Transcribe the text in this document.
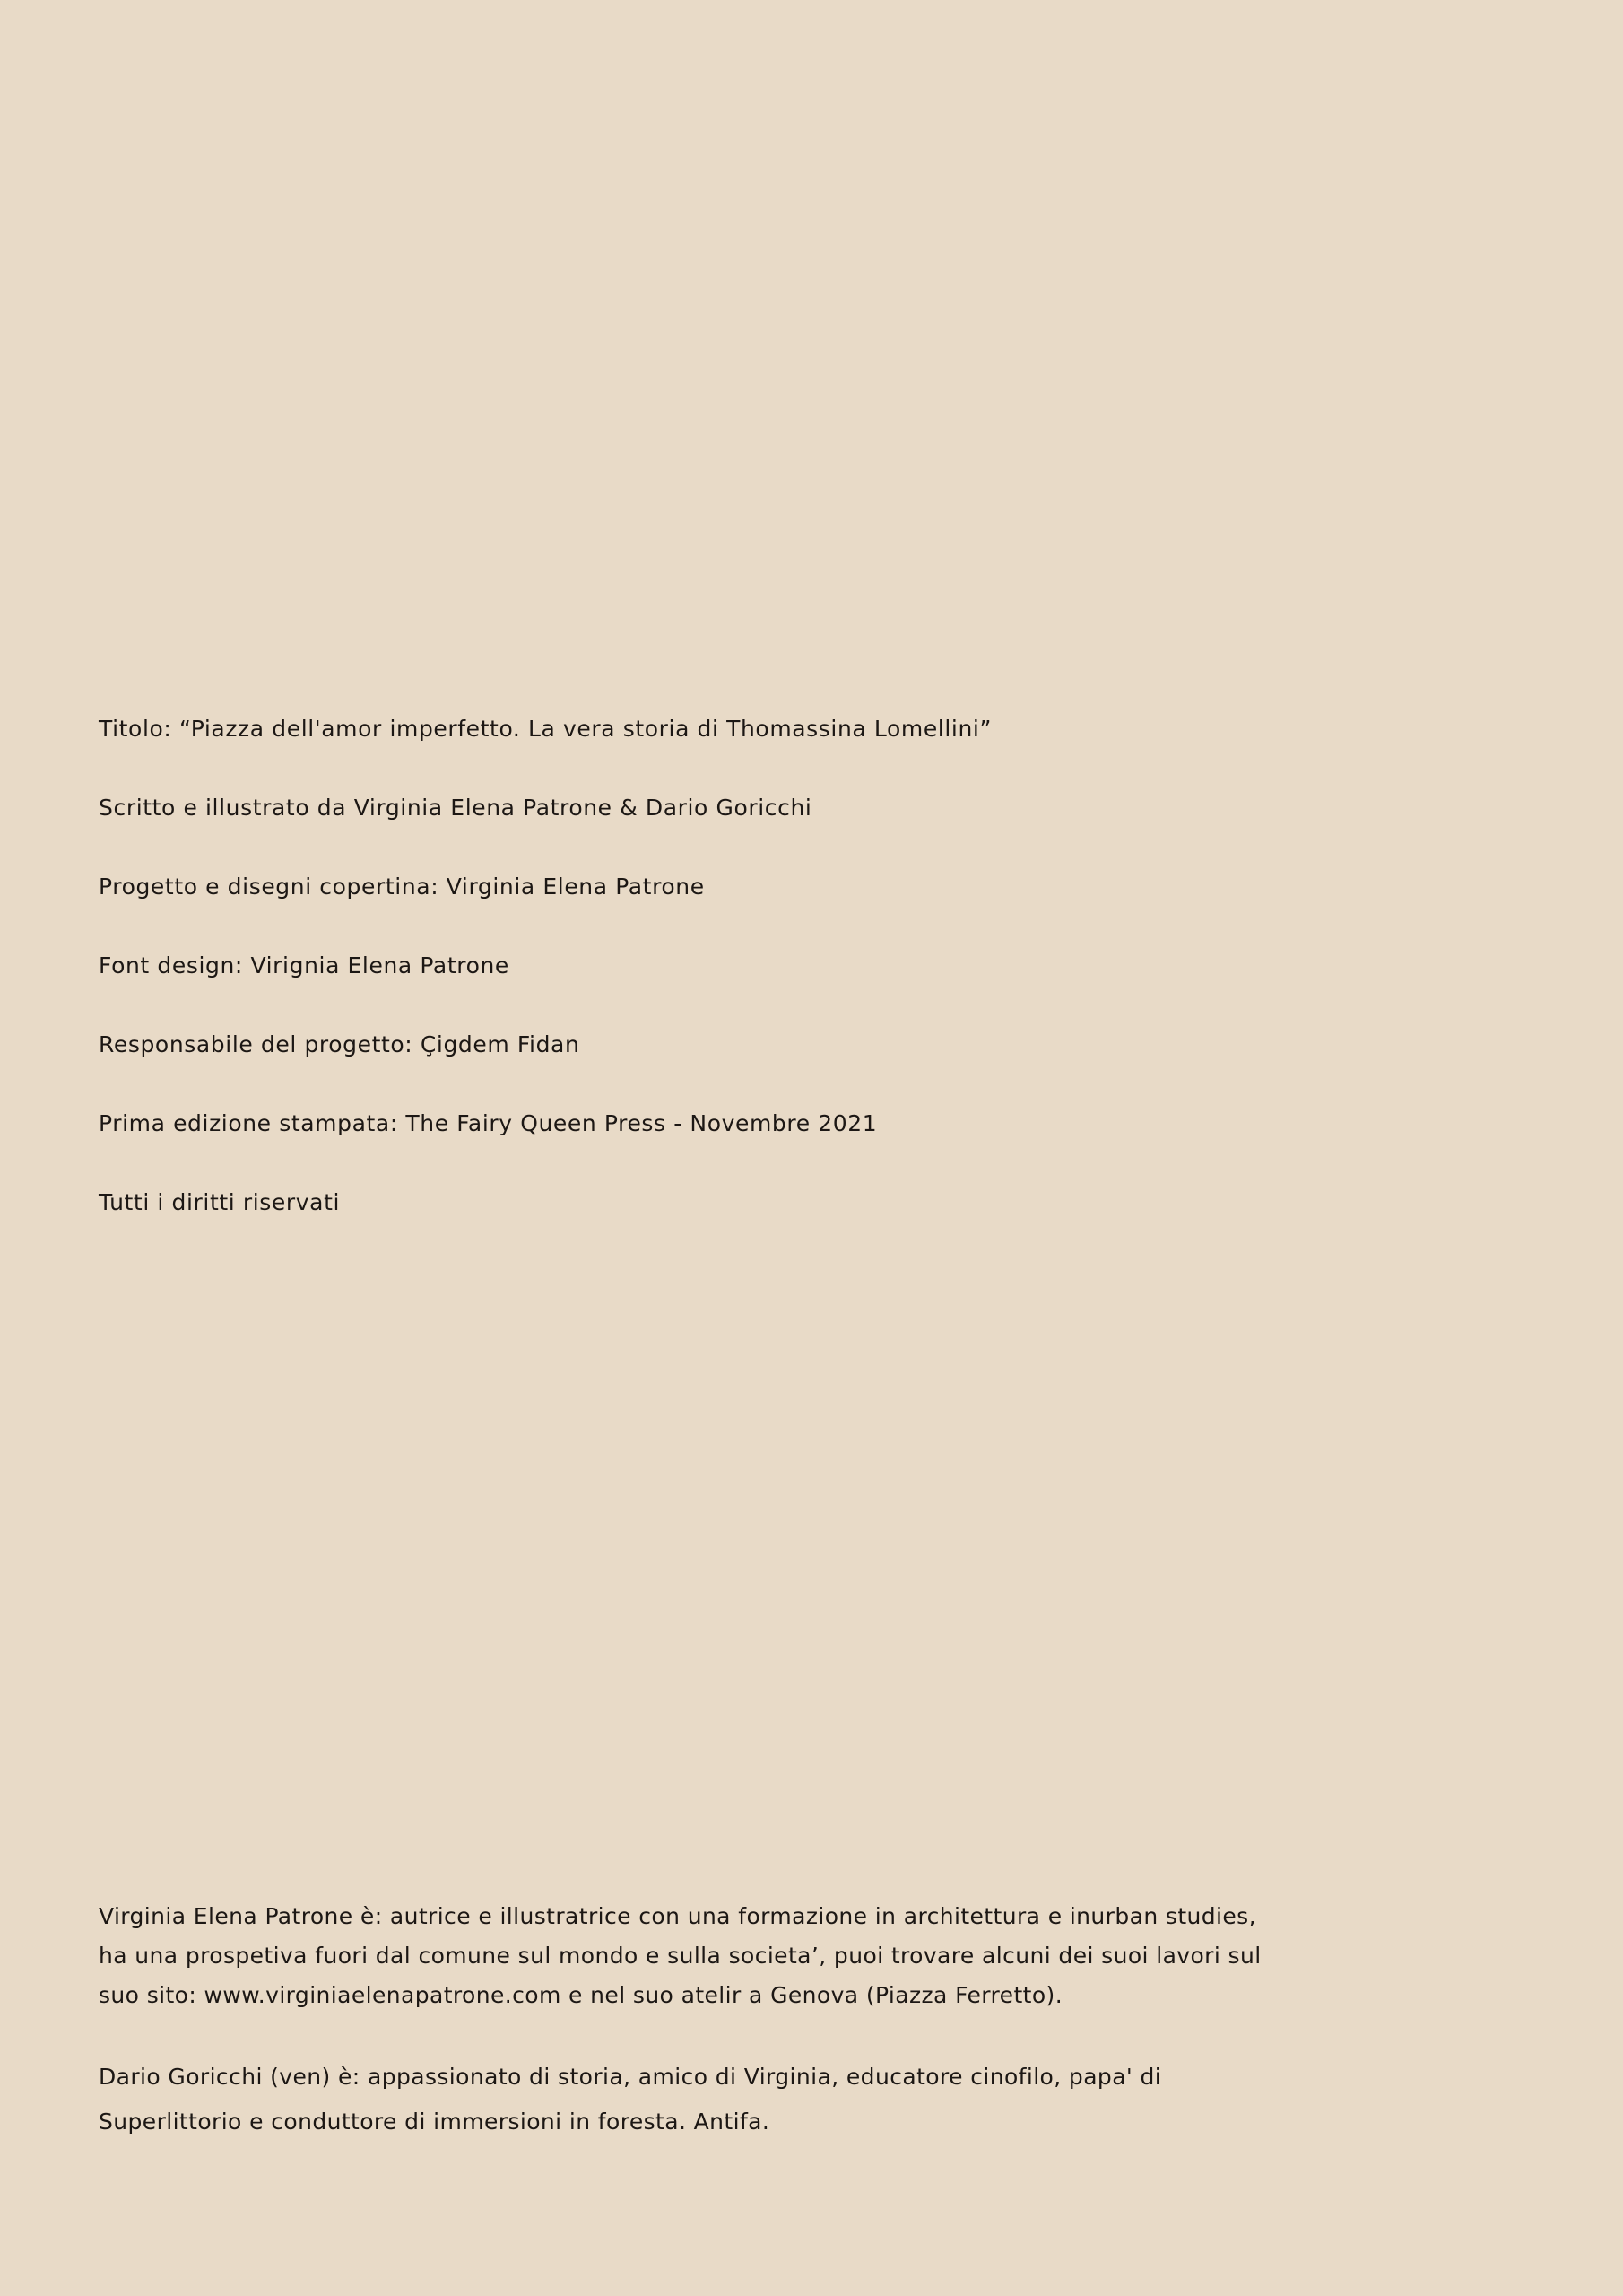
Titolo: “Piazza dell'amor imperfetto. La vera storia di Thomassina Lomellini”

Scritto e illustrato da Virginia Elena Patrone & Dario Goricchi

Progetto e disegni copertina: Virginia Elena Patrone

Font design: Virignia Elena Patrone

Responsabile del progetto: Çigdem Fidan

Prima edizione stampata: The Fairy Queen Press - Novembre 2021

Tutti i diritti riservati

Virginia Elena Patrone è: autrice e illustratrice con una formazione in architettura e inurban studies, ha una prospetiva fuori dal comune sul mondo e sulla societa’, puoi trovare alcuni dei suoi lavori sul suo sito: www.virginiaelenapatrone.com e nel suo atelir a Genova (Piazza Ferretto).

Dario Goricchi (ven) è: appassionato di storia, amico di Virginia, educatore cinofilo, papa' di Superlittorio e conduttore di immersioni in foresta. Antifa.
